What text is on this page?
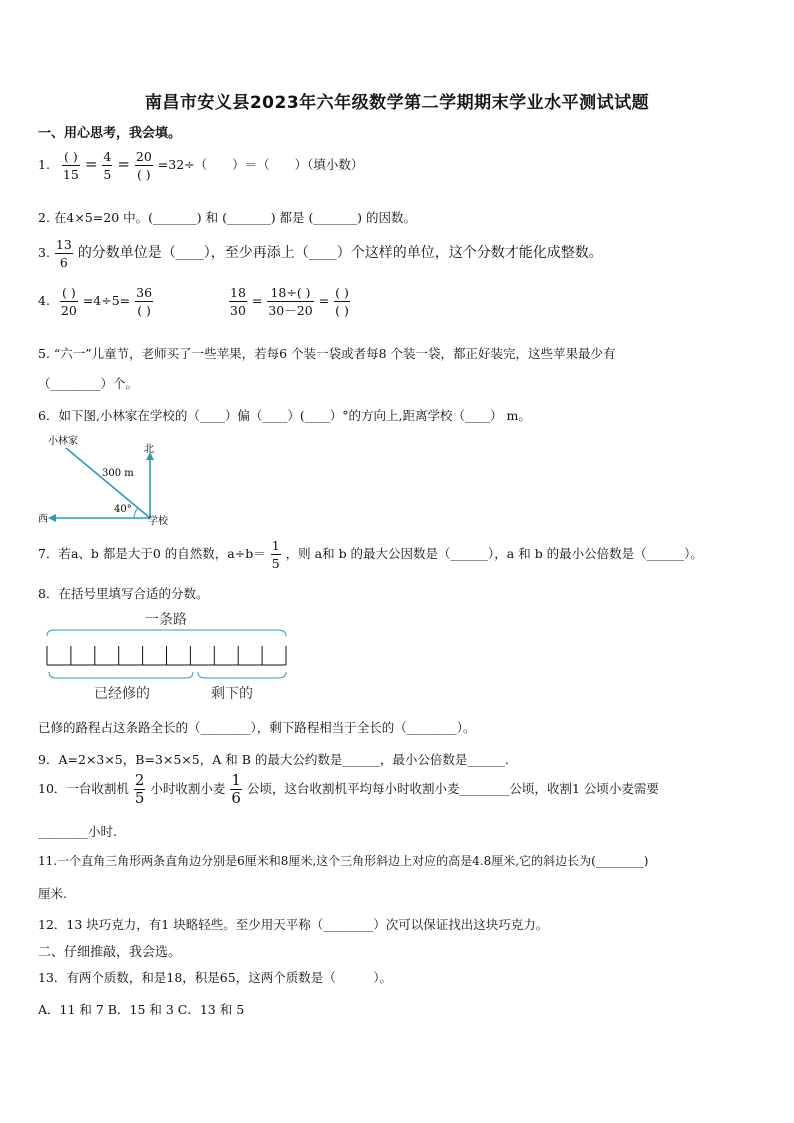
南昌市安义县2023年六年级数学第二学期期末学业水平测试试题
一、用心思考，我会填。
1. $\frac{( )}{15} = \frac{4}{5} = \frac{20}{( )} =32\div$（　　）＝（　　）（填小数）
2. 在4×5=20 中。(_______) 和 (_______) 都是 (_______) 的因数。
3. $\frac{13}{6}$ 的分数单位是（____），至少再添上（____）个这样的单位，这个分数才能化成整数。
4. $\frac{( )}{20} =4\div 5= \frac{36}{( )}$
	$\frac{18}{30} = \frac{18\div( )}{30-20} = \frac{( )}{( )}$
5. “六一”儿童节，老师买了一些苹果，若每6 个装一袋或者每8 个装一袋，都正好装完，这些苹果最少有
（________）个。
6．如下图,小林家在学校的（____）偏（____）(____）°的方向上,距离学校（____） m。
小林家
北
西	学校
300 m
40°
7．若a、b 都是大于0 的自然数，$a\div b= \frac{1}{5}$ ，则 a和 b 的最大公因数是（______），a 和 b 的最小公倍数是（______）。
8．在括号里填写合适的分数。
一条路
已经修的	剩下的
已修的路程占这条路全长的（________），剩下路程相当于全长的（________）。
9．A=2×3×5，B=3×5×5，A 和 B 的最大公约数是______，最小公倍数是______.
10．一台收割机 $\frac{2}{5}$ 小时收割小麦 $\frac{1}{6}$ 公顷，这台收割机平均每小时收割小麦________公顷，收割1 公顷小麦需要
________小时.
11.一个直角三角形两条直角边分别是6厘米和8厘米,这个三角形斜边上对应的高是4.8厘米,它的斜边长为(________)
厘米.
12．13 块巧克力，有1 块略轻些。至少用天平称（________）次可以保证找出这块巧克力。
二、仔细推敲，我会选。
13．有两个质数，和是18，积是65，这两个质数是（　　　）。
A．11 和 7 B．15 和 3 C．13 和 5
